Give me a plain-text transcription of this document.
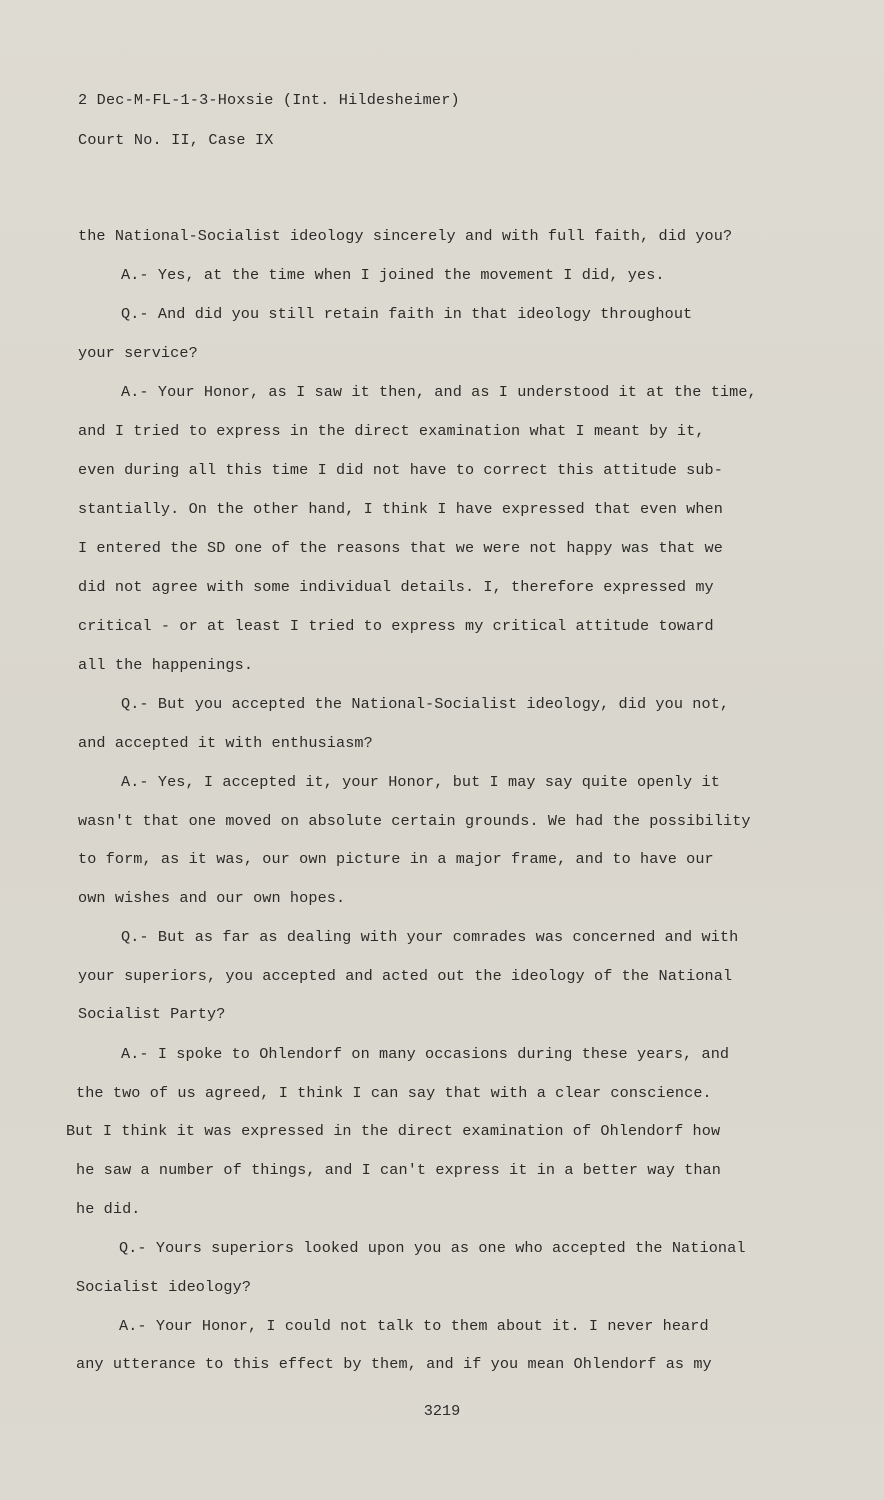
2 Dec-M-FL-1-3-Hoxsie (Int. Hildesheimer)
Court No. II, Case IX
the National-Socialist ideology sincerely and with full faith, did you?
A.- Yes, at the time when I joined the movement I did, yes.
Q.- And did you still retain faith in that ideology throughout
your service?
A.- Your Honor, as I saw it then, and as I understood it at the time,
and I tried to express in the direct examination what I meant by it,
even during all this time I did not have to correct this attitude sub-
stantially. On the other hand, I think I have expressed that even when
I entered the SD one of the reasons that we were not happy was that we
did not agree with some individual details. I, therefore expressed my
critical - or at least I tried to express my critical attitude toward
all the happenings.
Q.- But you accepted the National-Socialist ideology, did you not,
and accepted it with enthusiasm?
A.- Yes, I accepted it, your Honor, but I may say quite openly it
wasn't that one moved on absolute certain grounds. We had the possibility
to form, as it was, our own picture in a major frame, and to have our
own wishes and our own hopes.
Q.- But as far as dealing with your comrades was concerned and with
your superiors, you accepted and acted out the ideology of the National
Socialist Party?
A.- I spoke to Ohlendorf on many occasions during these years, and
the two of us agreed, I think I can say that with a clear conscience.
But I think it was expressed in the direct examination of Ohlendorf how
he saw a number of things, and I can't express it in a better way than
he did.
Q.- Yours superiors looked upon you as one who accepted the National
Socialist ideology?
A.- Your Honor, I could not talk to them about it. I never heard
any utterance to this effect by them, and if you mean Ohlendorf as my
3219
